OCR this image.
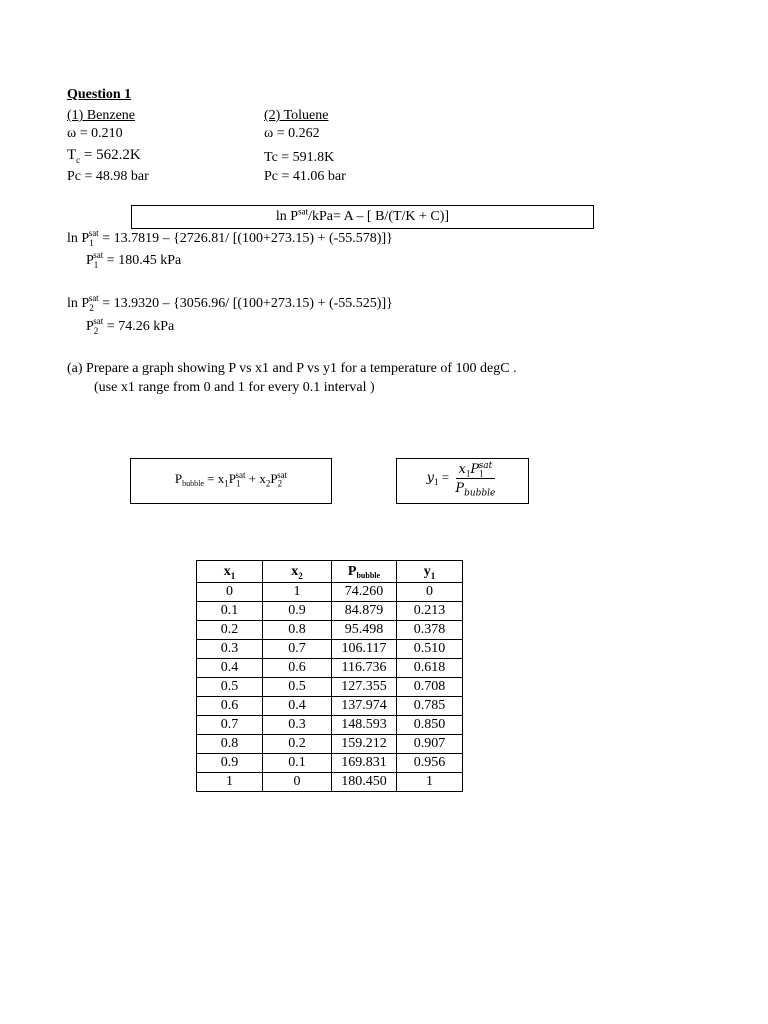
Question 1
(1) Benzene
ω = 0.210
$T_c = 562.2K$
Pc = 48.98 bar
(2) Toluene
ω = 0.262
Tc = 591.8K
Pc = 41.06 bar
$\ln P^{sat}/kPa= A$ – [ B/(T/K + C)]
$\ln P_1^{sat} = 13.7819 - \{2726.81/$ [(100+273.15) + (-55.578)]}
$P_1^{sat} = 180.45$ kPa
$\ln P_2^{sat} = 13.9320 - \{3056.96/$ [(100+273.15) + (-55.525)]}
$P_2^{sat} = 74.26$ kPa
(a) Prepare a graph showing P vs x1 and P vs y1 for a temperature of 100 degC .
(use x1 range from 0 and 1 for every 0.1 interval )
$P_{bubble} = x_1P_1^{sat} + x_2P_2^{sat}$	$y_1 = \frac{x_1P_1^{sat}}{P_{bubble}}$
$x_1$	$x_2$	$P_{bubble}$	$y_1$
0	1	74.260	0
0.1	0.9	84.879	0.213
0.2	0.8	95.498	0.378
0.3	0.7	106.117	0.510
0.4	0.6	116.736	0.618
0.5	0.5	127.355	0.708
0.6	0.4	137.974	0.785
0.7	0.3	148.593	0.850
0.8	0.2	159.212	0.907
0.9	0.1	169.831	0.956
1	0	180.450	1
